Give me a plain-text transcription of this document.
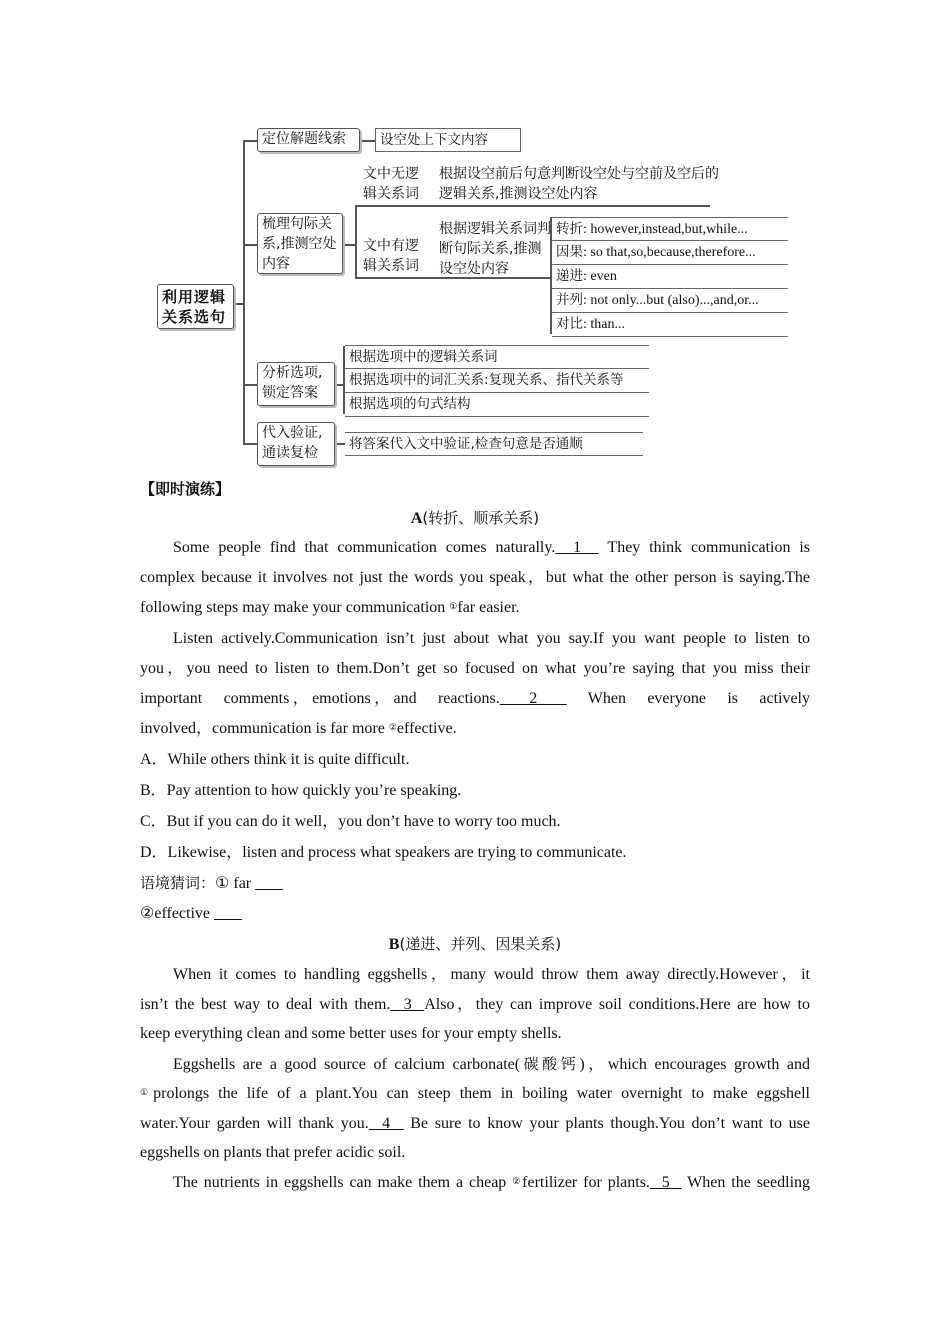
利用逻辑关系选句
定位解题线索	设空处上下文内容
梳理句际关系,推测空处内容
文中无逻辑关系词
根据设空前后句意判断设空处与空前及空后的逻辑关系,推测设空处内容
文中有逻辑关系词
根据逻辑关系词判断句际关系,推测设空处内容
转折: however,instead,but,while...
因果: so that,so,because,therefore...
递进: even
并列: not only...but (also)...,and,or...
对比: than...
分析选项,锁定答案
根据选项中的逻辑关系词
根据选项中的词汇关系:复现关系、指代关系等
根据选项的句式结构
代入验证,通读复检
将答案代入文中验证,检查句意是否通顺
【即时演练】
A(转折、顺承关系)
Some people find that communication comes naturally.  1   They think communication is
complex because it involves not just the words you speak，but what the other person is saying.The
following steps may make your communication ①far easier.
Listen actively.Communication isn’t just about what you say.If you want people to listen to
you，you need to listen to them.Don’t get so focused on what you’re saying that you miss their
important comments，emotions，and reactions.    2     When everyone is actively
involved，communication is far more ②effective.
A．While others think it is quite difficult.
B．Pay attention to how quickly you’re speaking.
C．But if you can do it well，you don’t have to worry too much.
D．Likewise，listen and process what speakers are trying to communicate.
语境猜词：① far
②effective
B(递进、并列、因果关系)
When it comes to handling eggshells，many would throw them away directly.However，it
isn’t the best way to deal with them.  3  Also，they can improve soil conditions.Here are how to
keep everything clean and some better uses for your empty shells.
Eggshells are a good source of calcium carbonate(碳酸钙)，which encourages growth and
①prolongs the life of a plant.You can steep them in boiling water overnight to make eggshell
water.Your garden will thank you.  4   Be sure to know your plants though.You don’t want to use
eggshells on plants that prefer acidic soil.
The nutrients in eggshells can make them a cheap ②fertilizer for plants.  5   When the seedling
